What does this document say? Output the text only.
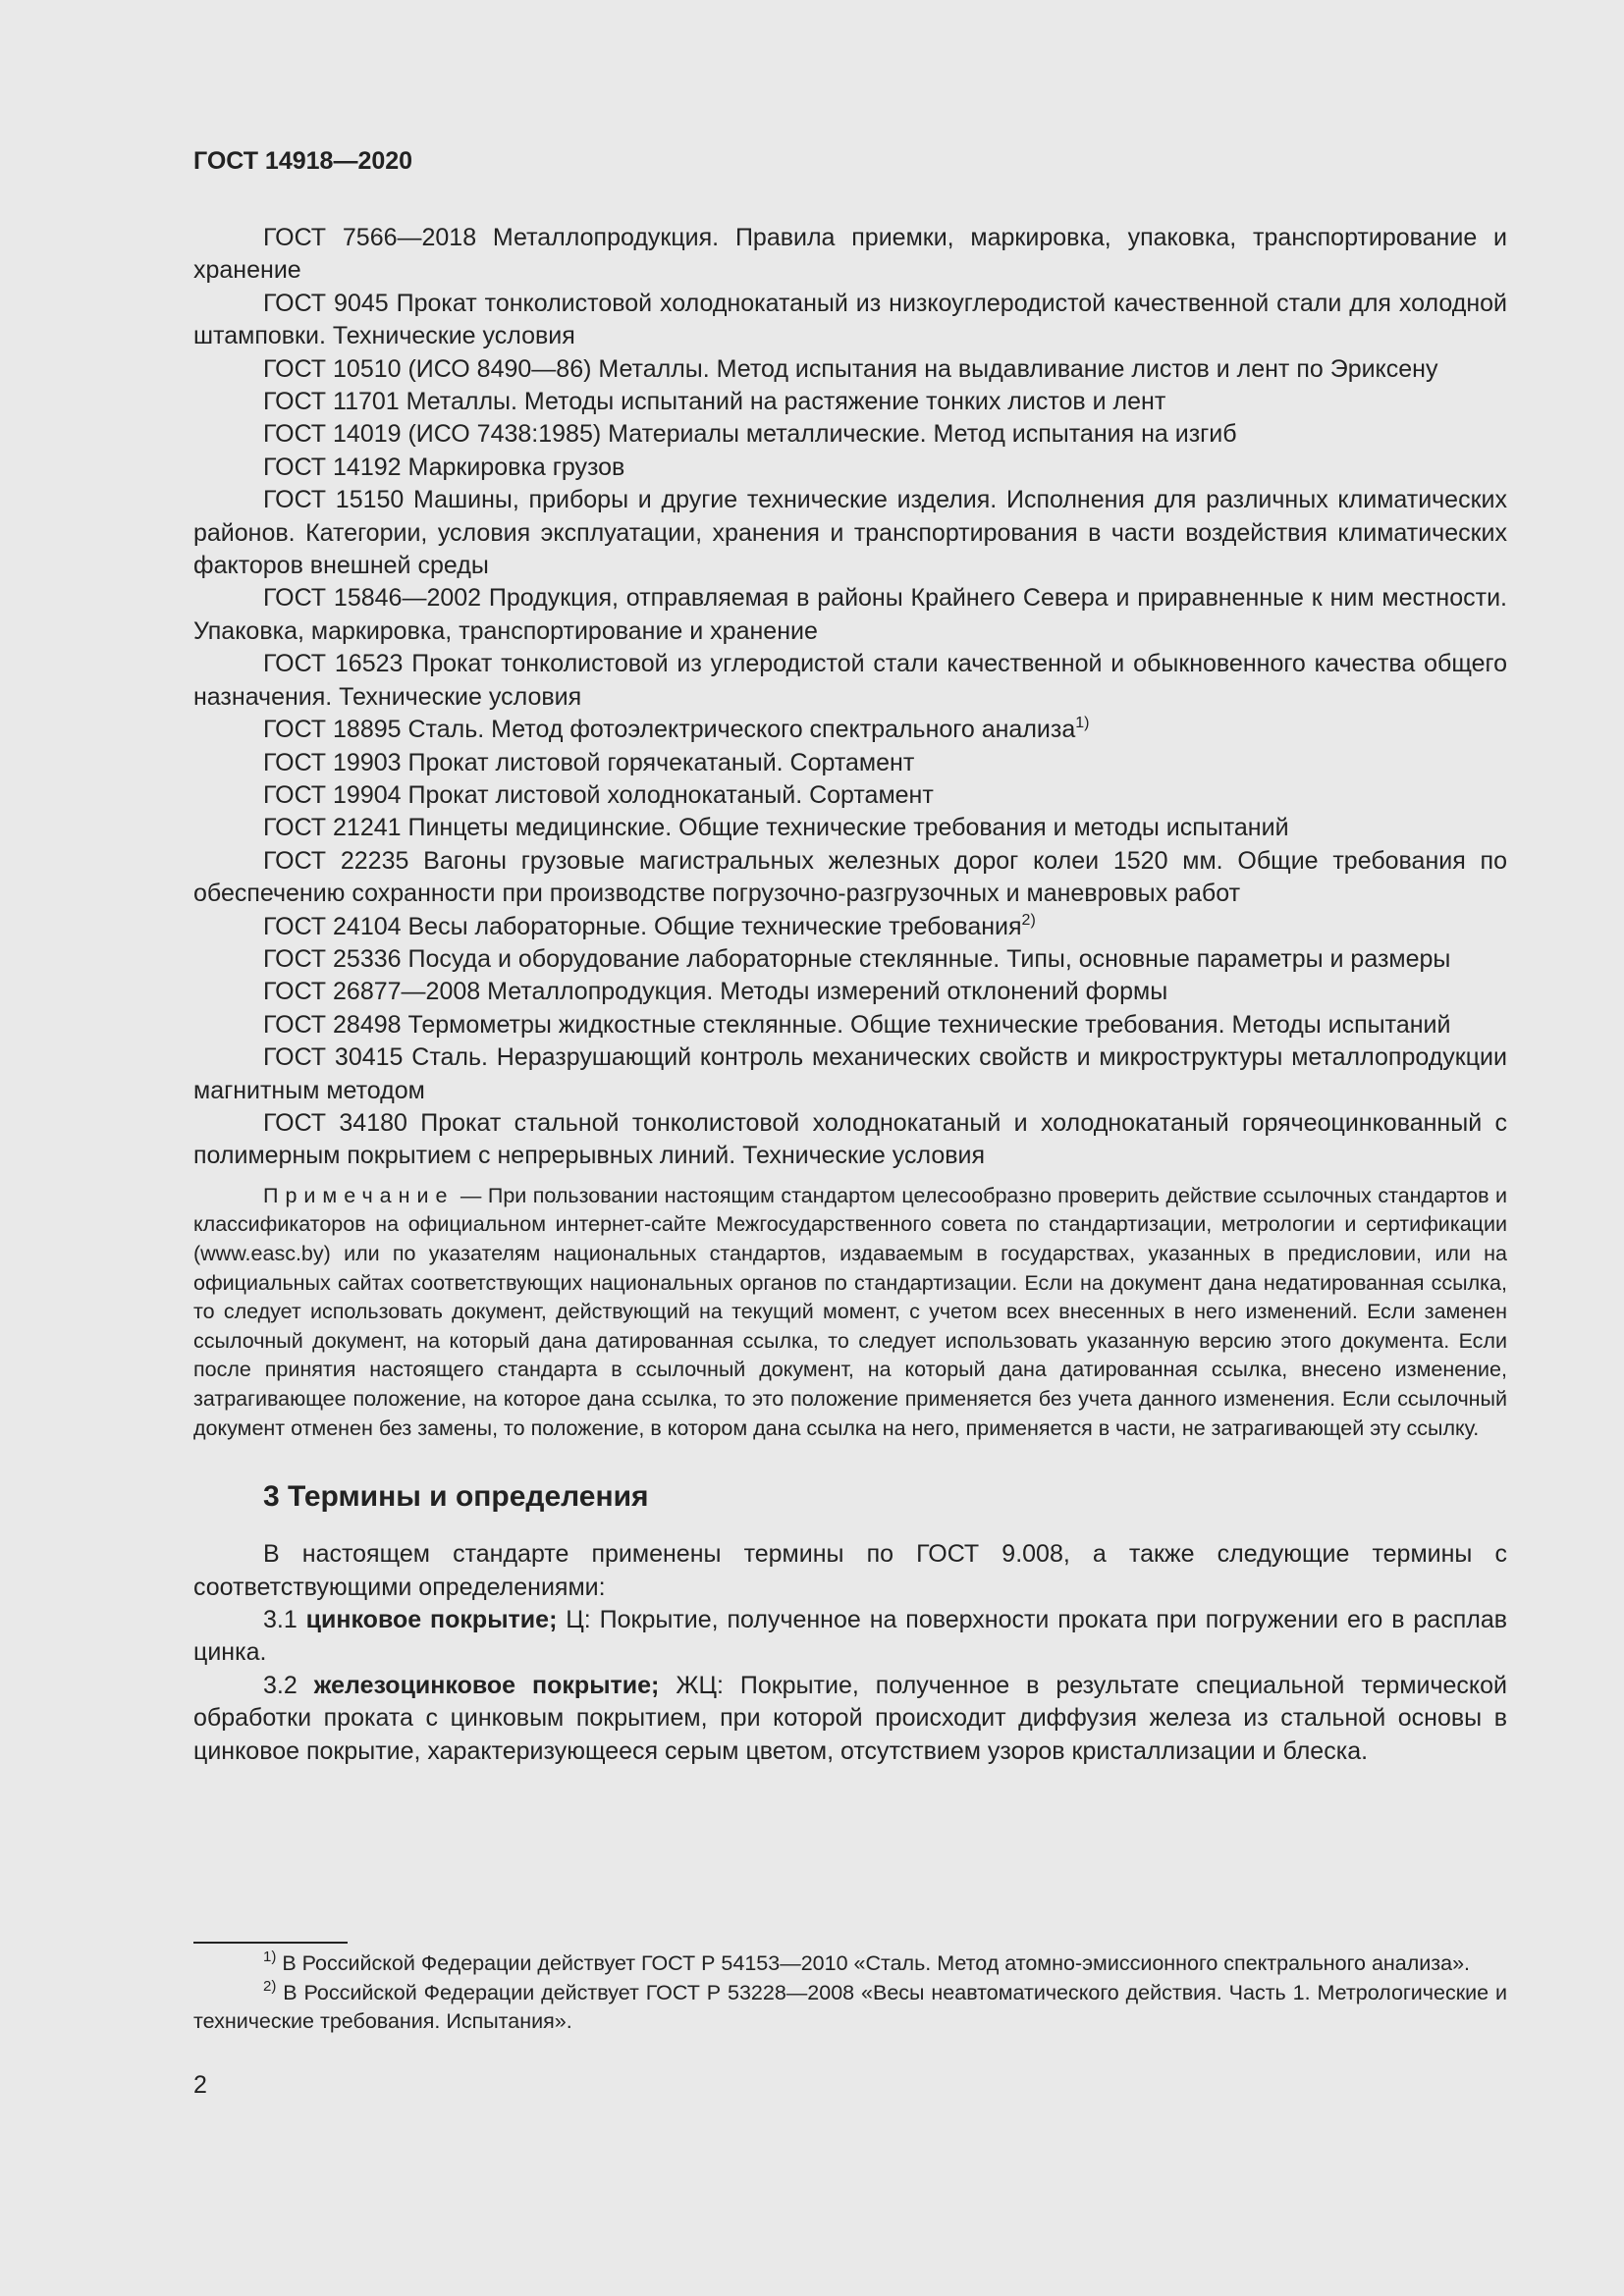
ГОСТ 14918—2020

ГОСТ 7566—2018 Металлопродукция. Правила приемки, маркировка, упаковка, транспортирование и хранение

ГОСТ 9045 Прокат тонколистовой холоднокатаный из низкоуглеродистой качественной стали для холодной штамповки. Технические условия

ГОСТ 10510 (ИСО 8490—86) Металлы. Метод испытания на выдавливание листов и лент по Эриксену

ГОСТ 11701 Металлы. Методы испытаний на растяжение тонких листов и лент

ГОСТ 14019 (ИСО 7438:1985) Материалы металлические. Метод испытания на изгиб

ГОСТ 14192 Маркировка грузов

ГОСТ 15150 Машины, приборы и другие технические изделия. Исполнения для различных климатических районов. Категории, условия эксплуатации, хранения и транспортирования в части воздействия климатических факторов внешней среды

ГОСТ 15846—2002 Продукция, отправляемая в районы Крайнего Севера и приравненные к ним местности. Упаковка, маркировка, транспортирование и хранение

ГОСТ 16523 Прокат тонколистовой из углеродистой стали качественной и обыкновенного качества общего назначения. Технические условия

ГОСТ 18895 Сталь. Метод фотоэлектрического спектрального анализа$^{1)}$

ГОСТ 19903 Прокат листовой горячекатаный. Сортамент

ГОСТ 19904 Прокат листовой холоднокатаный. Сортамент

ГОСТ 21241 Пинцеты медицинские. Общие технические требования и методы испытаний

ГОСТ 22235 Вагоны грузовые магистральных железных дорог колеи 1520 мм. Общие требования по обеспечению сохранности при производстве погрузочно-разгрузочных и маневровых работ

ГОСТ 24104 Весы лабораторные. Общие технические требования$^{2)}$

ГОСТ 25336 Посуда и оборудование лабораторные стеклянные. Типы, основные параметры и размеры

ГОСТ 26877—2008 Металлопродукция. Методы измерений отклонений формы

ГОСТ 28498 Термометры жидкостные стеклянные. Общие технические требования. Методы испытаний

ГОСТ 30415 Сталь. Неразрушающий контроль механических свойств и микроструктуры металлопродукции магнитным методом

ГОСТ 34180 Прокат стальной тонколистовой холоднокатаный и холоднокатаный горячеоцинкованный с полимерным покрытием с непрерывных линий. Технические условия

Примечание — При пользовании настоящим стандартом целесообразно проверить действие ссылочных стандартов и классификаторов на официальном интернет-сайте Межгосударственного совета по стандартизации, метрологии и сертификации (www.easc.by) или по указателям национальных стандартов, издаваемым в государствах, указанных в предисловии, или на официальных сайтах соответствующих национальных органов по стандартизации. Если на документ дана недатированная ссылка, то следует использовать документ, действующий на текущий момент, с учетом всех внесенных в него изменений. Если заменен ссылочный документ, на который дана датированная ссылка, то следует использовать указанную версию этого документа. Если после принятия настоящего стандарта в ссылочный документ, на который дана датированная ссылка, внесено изменение, затрагивающее положение, на которое дана ссылка, то это положение применяется без учета данного изменения. Если ссылочный документ отменен без замены, то положение, в котором дана ссылка на него, применяется в части, не затрагивающей эту ссылку.

3 Термины и определения

В настоящем стандарте применены термины по ГОСТ 9.008, а также следующие термины с соответствующими определениями:

3.1 цинковое покрытие; Ц: Покрытие, полученное на поверхности проката при погружении его в расплав цинка.

3.2 железоцинковое покрытие; ЖЦ: Покрытие, полученное в результате специальной термической обработки проката с цинковым покрытием, при которой происходит диффузия железа из стальной основы в цинковое покрытие, характеризующееся серым цветом, отсутствием узоров кристаллизации и блеска.

$^{1)}$ В Российской Федерации действует ГОСТ Р 54153—2010 «Сталь. Метод атомно-эмиссионного спектрального анализа».

$^{2)}$ В Российской Федерации действует ГОСТ Р 53228—2008 «Весы неавтоматического действия. Часть 1. Метрологические и технические требования. Испытания».

2
